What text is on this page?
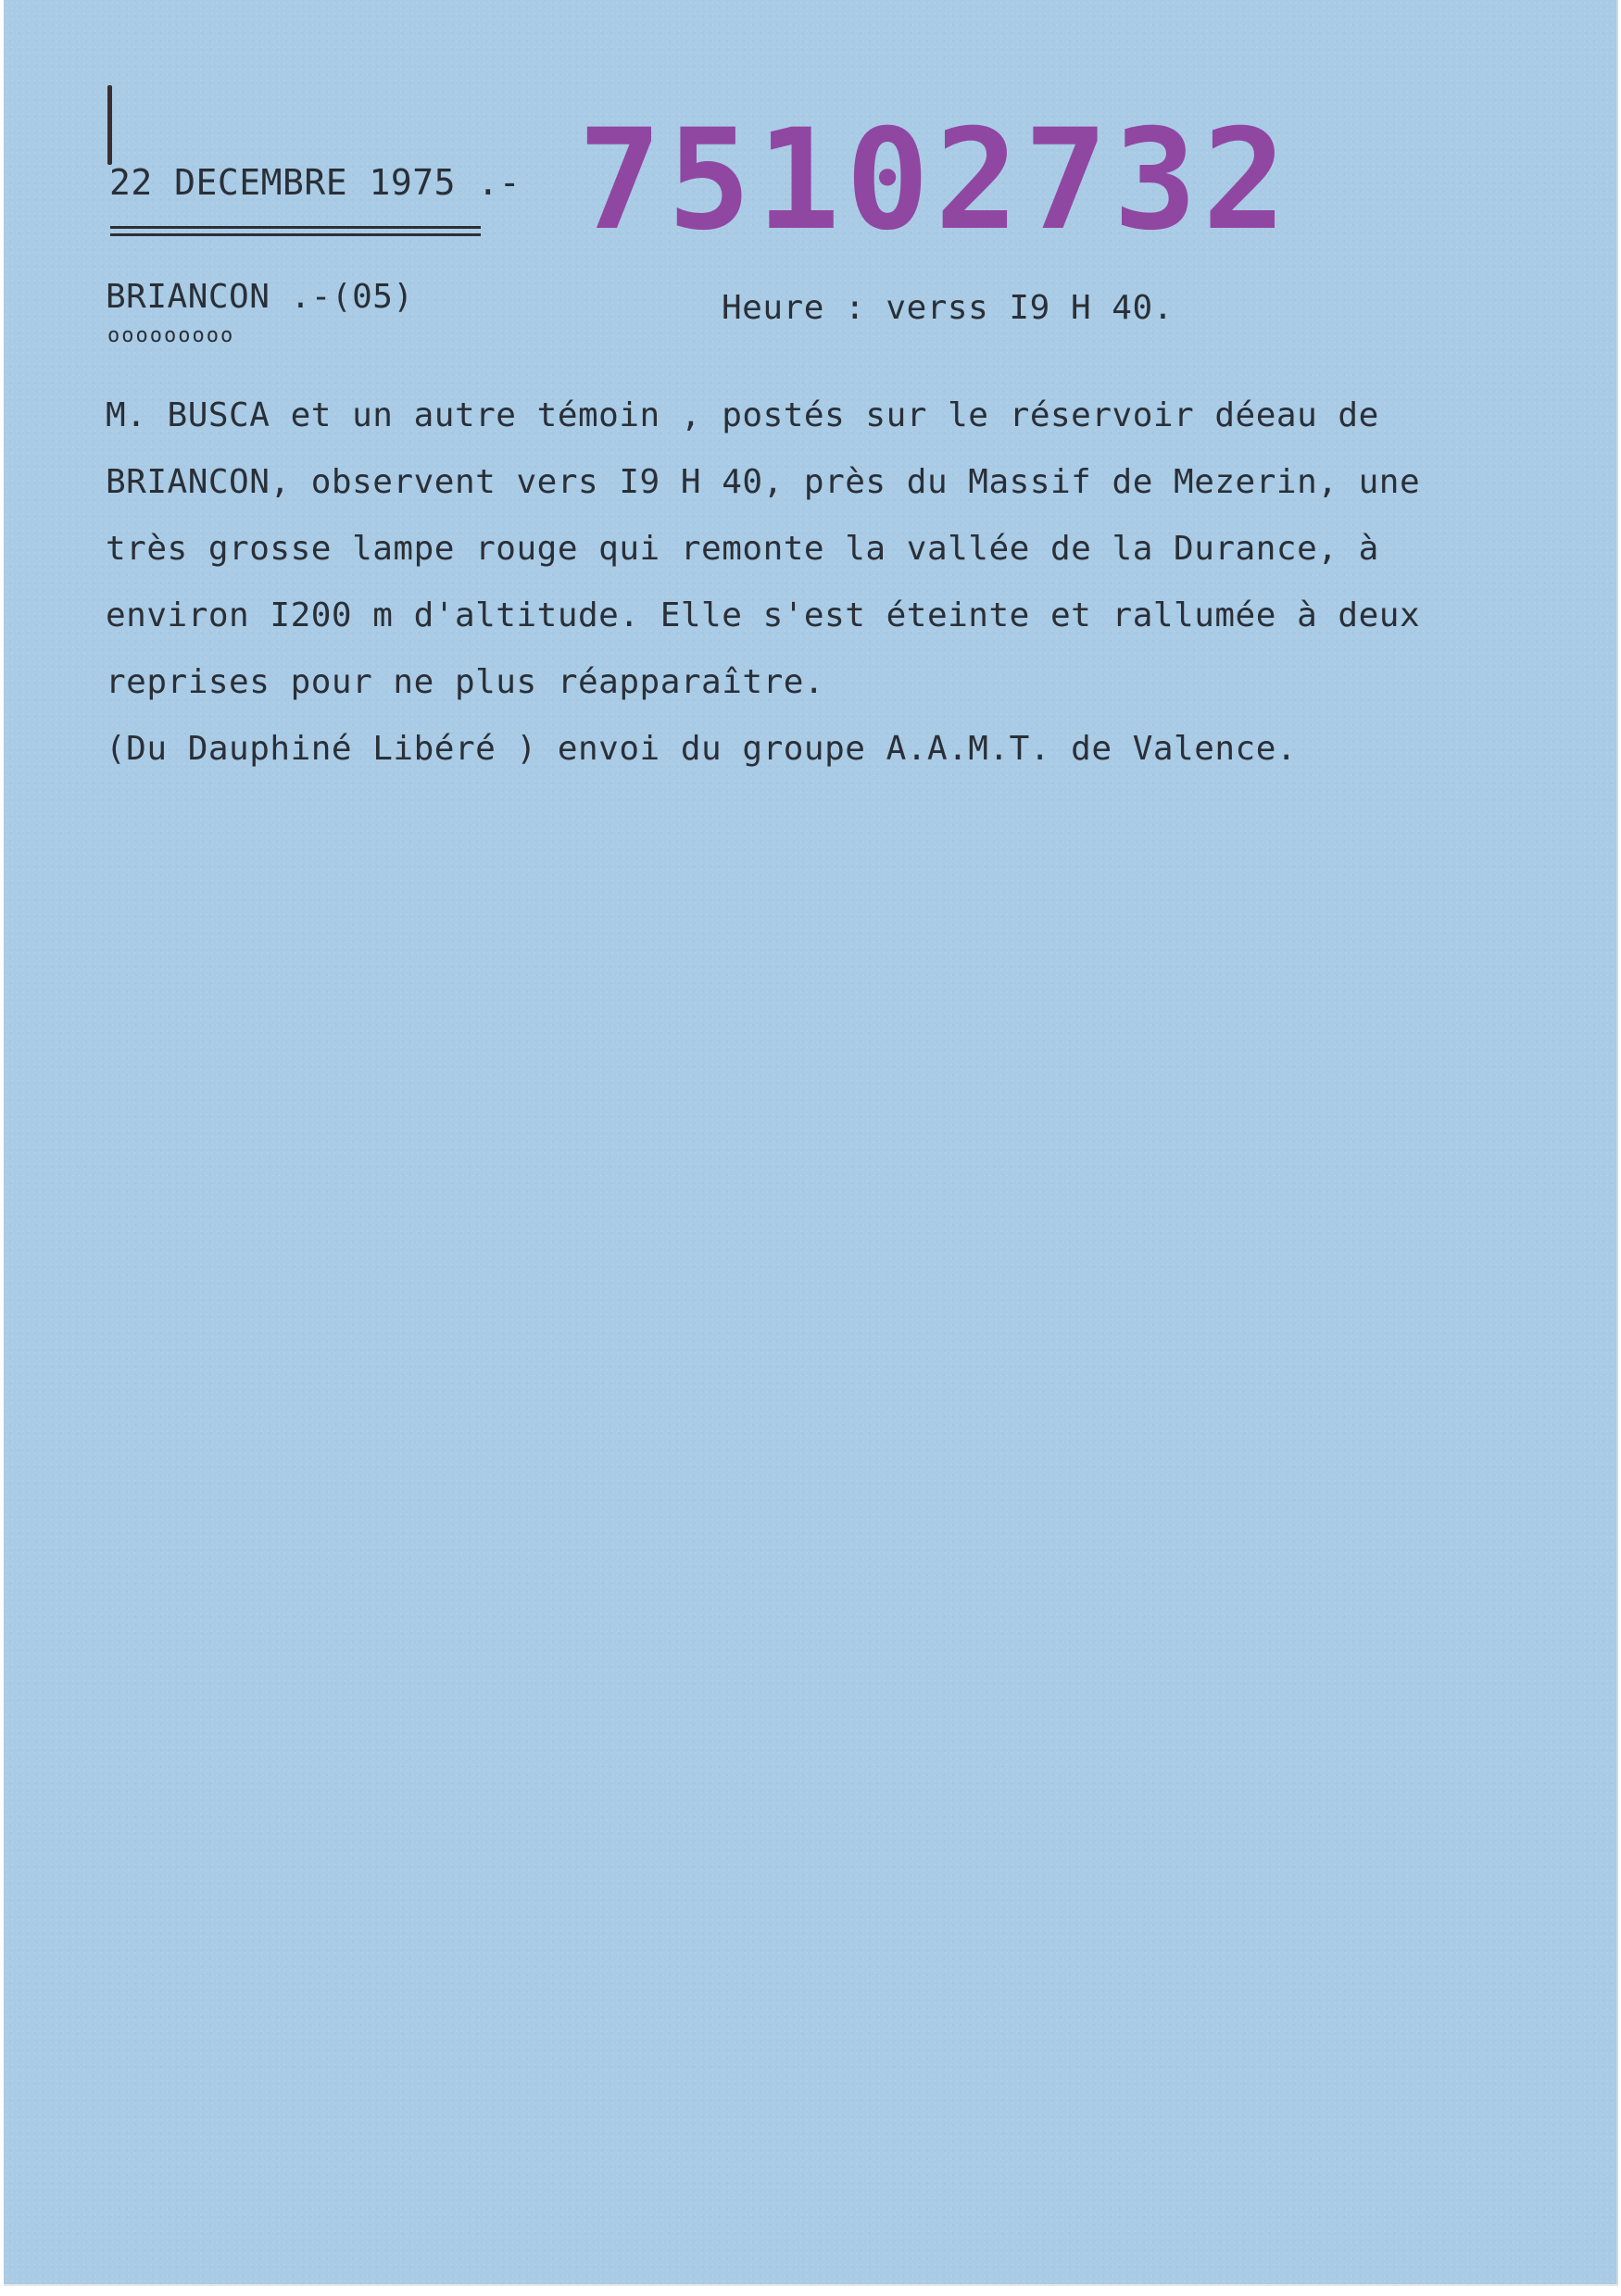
22 DECEMBRE 1975 .- 75102732
BRIANCON .-(05)
ooooooooo
Heure : verss I9 H 40.
M. BUSCA et un autre témoin , postés sur le réservoir déeau de
BRIANCON, observent vers I9 H 40, près du Massif de Mezerin, une
très grosse lampe rouge qui remonte la vallée de la Durance, à
environ I200 m d'altitude. Elle s'est éteinte et rallumée à deux
reprises pour ne plus réapparaître.
(Du Dauphiné Libéré ) envoi du groupe A.A.M.T. de Valence.
